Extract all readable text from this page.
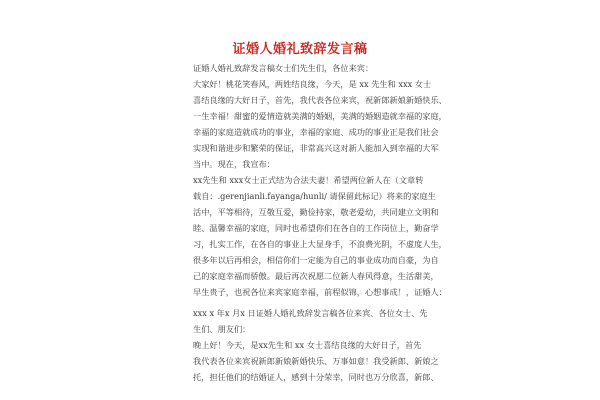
证婚人婚礼致辞发言稿
证婚人婚礼致辞发言稿女士们先生们，各位来宾：
大家好！桃花笑春风，两姓结良缘，今天，是 xx 先生和 xxx 女士
喜结良缘的大好日子，首先，我代表各位来宾，祝新郎新娘新婚快乐、
一生幸福！甜蜜的爱情造就美满的婚姻，美满的婚姻造就幸福的家庭，
幸福的家庭造就成功的事业，幸福的家庭、成功的事业正是我们社会
实现和谐进步和繁荣的保证，非常高兴这对新人能加入到幸福的大军
当中。现在，我宣布：
xx先生和 xxx女士正式结为合法夫妻！希望两位新人在（文章转
载自：.gerenjianli.fayanga/hunli/ 请保留此标记）将来的家庭生
活中，平等相待，互敬互爱，勤俭持家，敬老爱幼，共同建立文明和
睦、温馨幸福的家庭，同时也希望你们在各自的工作岗位上，勤奋学
习，扎实工作，在各自的事业上大显身手，不浪费光阴，不虚度人生，
很多年以后再相会，相信你们一定能为自己的事业成功而自豪，为自
己的家庭幸福而骄傲。最后再次祝愿二位新人春风得意，生活甜美，
早生贵子，也祝各位来宾家庭幸福，前程似锦，心想事成！，证婚人：
xxx x 年x 月x 日证婚人婚礼致辞发言稿各位来宾、各位女士、先
生们、朋友们：
晚上好！今天，是xx先生和 xx 女士喜结良缘的大好日子，首先
我代表各位来宾祝新郎新娘新婚快乐、万事如意！我受新郎、新娘之
托，担任他们的结婚证人，感到十分荣幸，同时也万分欣喜，新郎、
